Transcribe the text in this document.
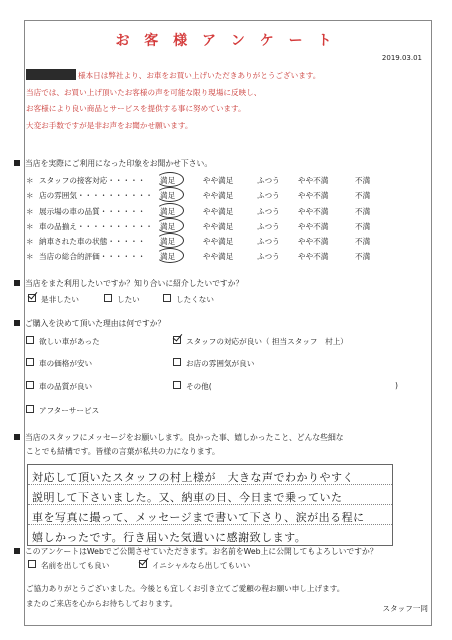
お 客 様 ア ン ケ ー ト
2019.03.01
様本日は弊社より、お車をお買い上げいただきありがとうございます。
当店では、お買い上げ頂いたお客様の声を可能な限り現場に反映し、
お客様により良い商品とサービスを提供する事に努めています。
大変お手数ですが是非お声をお聞かせ願います。
当店を実際にご利用になった印象をお聞かせ下さい。
＊ スタッフの接客対応・・・・・ 満足	やや満足	ふつう やや不満	不満
＊ 店の雰囲気・・・・・・・・・・ 満足	やや満足	ふつう やや不満	不満
＊ 展示場の車の品質・・・・・・ 満足	やや満足	ふつう やや不満	不満
＊ 車の品揃え・・・・・・・・・・ 満足	やや満足	ふつう やや不満	不満
＊ 納車された車の状態・・・・・ 満足	やや満足	ふつう やや不満	不満
＊ 当店の総合的評価・・・・・・ 満足	やや満足	ふつう やや不満	不満
当店をまた利用したいですか？知り合いに紹介したいですか？
是非したい	したい	したくない
ご購入を決めて頂いた理由は何ですか？
欲しい車があった	スタッフの対応が良い（ 担当スタッフ　村上）
車の価格が安い	お店の雰囲気が良い
車の品質が良い	その他(	)
アフターサービス
当店のスタッフにメッセージをお願いします。良かった事、嬉しかったこと、どんな些細な
ことでも結構です。皆様の言葉が私共の力になります。
対応して頂いたスタッフの村上様が　大きな声でわかりやすく
説明して下さいました。又、納車の日、今日まで乗っていた
車を写真に撮って、メッセージまで書いて下さり、涙が出る程に
嬉しかったです。行き届いた気遣いに感謝致します。
このアンケートはWebでご公開させていただきます。お名前をWeb上に公開してもよろしいですか？
名前を出しても良い	イニシャルなら出してもいい
ご協力ありがとうございました。今後とも宜しくお引き立てご愛顧の程お願い申し上げます。
またのご来店を心からお待ちしております。
スタッフ一同
